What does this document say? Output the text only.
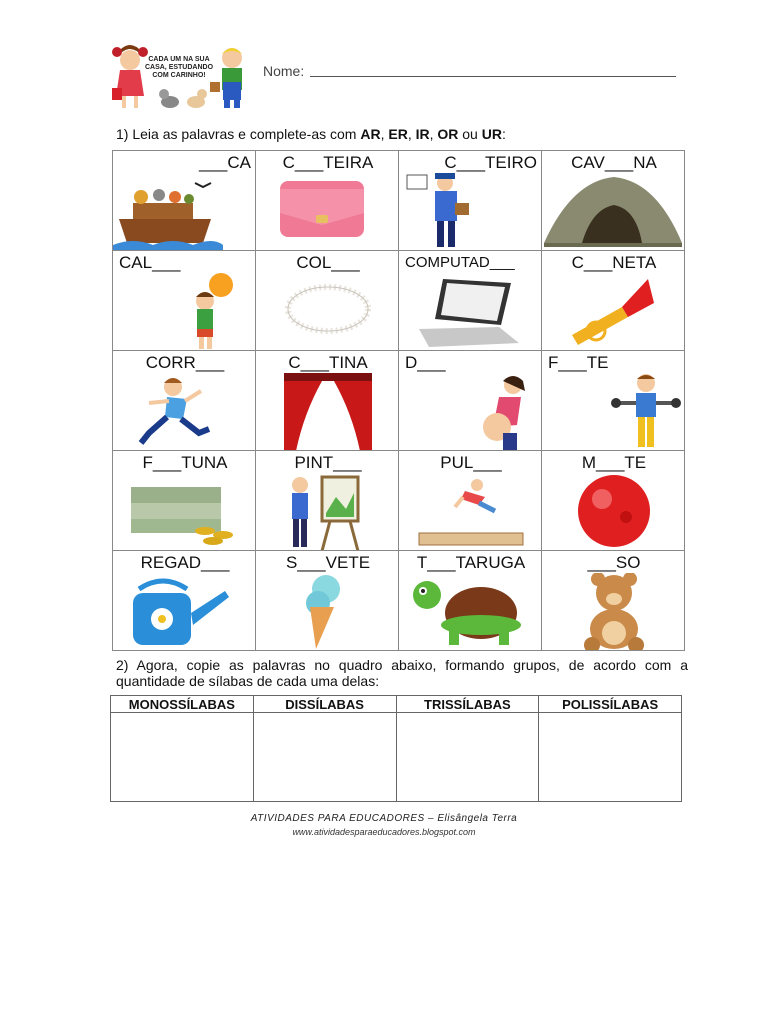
CADA UM NA SUA CASA, ESTUDANDO COM CARINHO!	Nome:
1) Leia as palavras e complete-as com AR, ER, IR, OR ou UR:
___CA	C___TEIRA	C___TEIRO	CAV___NA
CAL___	COL___	COMPUTAD___	C___NETA
CORR___	C___TINA	D___	F___TE
F___TUNA	PINT___	PUL___	M___TE
REGAD___	S___VETE	T___TARUGA	___SO
2) Agora, copie as palavras no quadro abaixo, formando grupos, de acordo com a quantidade de sílabas de cada uma delas:
MONOSSÍLABAS	DISSÍLABAS	TRISSÍLABAS	POLISSÍLABAS

ATIVIDADES PARA EDUCADORES – Elisângela Terra
www.atividadesparaeducadores.blogspot.com
